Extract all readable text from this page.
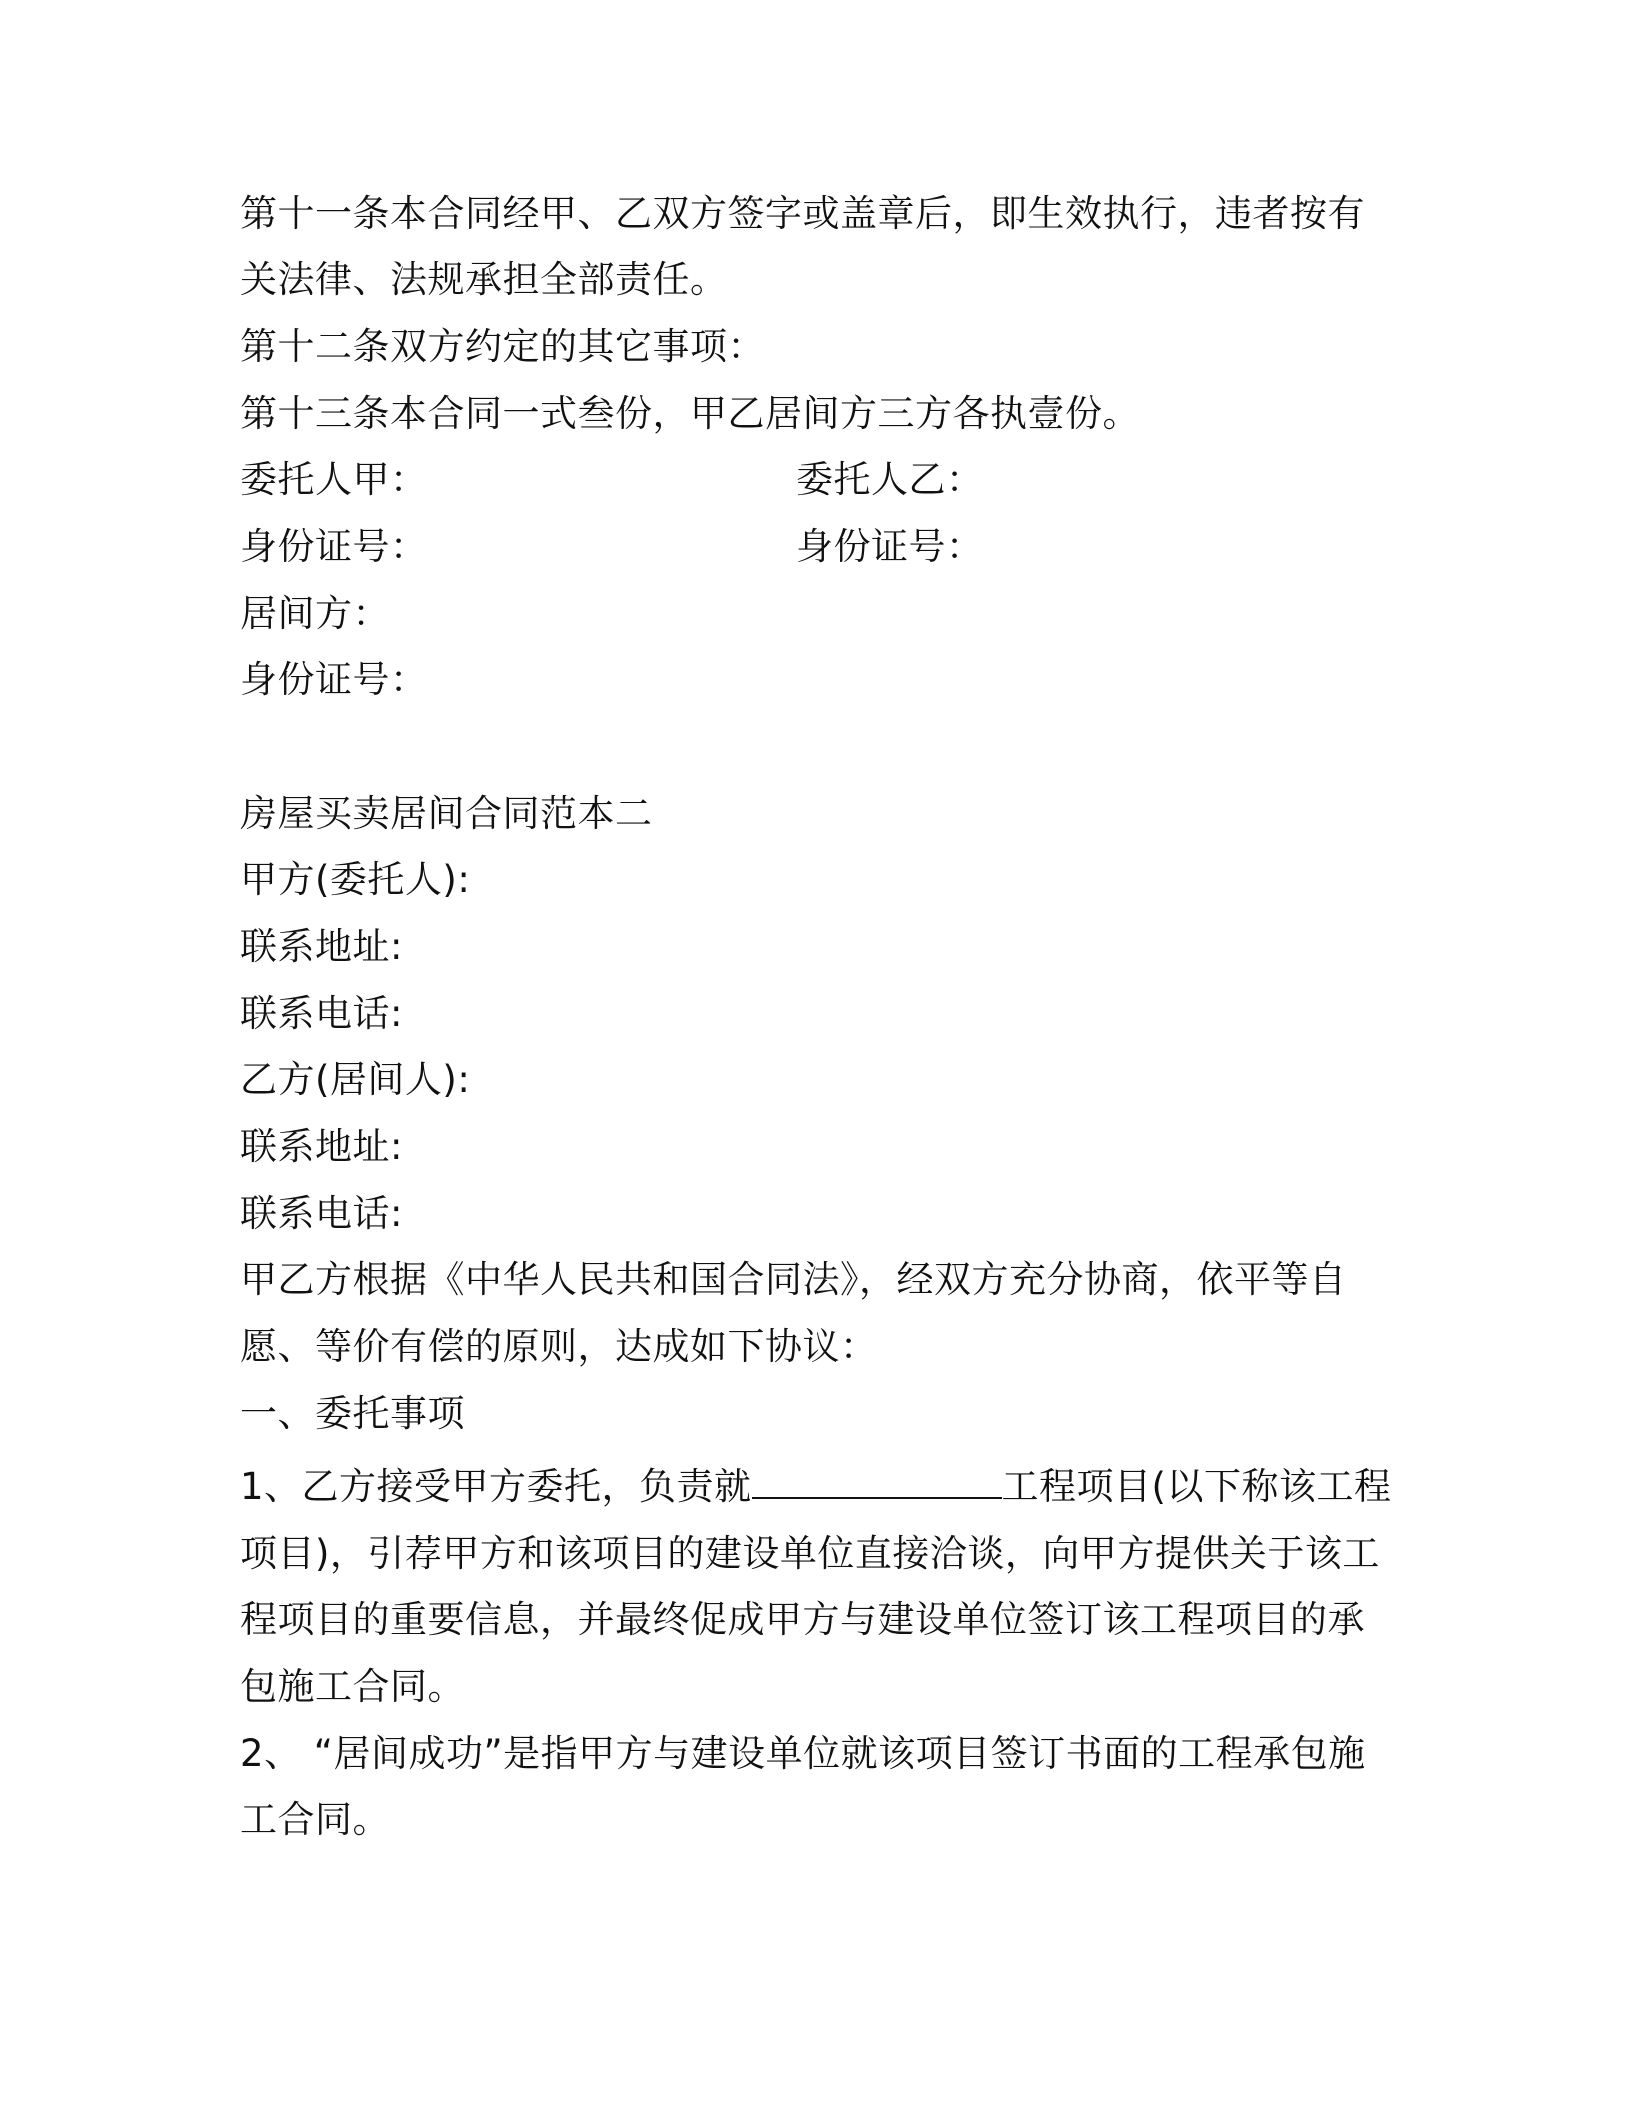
第十一条本合同经甲、乙双方签字或盖章后，即生效执行，违者按有

关法律、法规承担全部责任。

第十二条双方约定的其它事项：

第十三条本合同一式叁份，甲乙居间方三方各执壹份。

委托人甲：	委托人乙：

身份证号：	身份证号：

居间方：

身份证号：

房屋买卖居间合同范本二

甲方(委托人):

联系地址:

联系电话:

乙方(居间人):

联系地址:

联系电话:

甲乙方根据《中华人民共和国合同法》，经双方充分协商，依平等自

愿、等价有偿的原则，达成如下协议：

一、委托事项

1、乙方接受甲方委托，负责就	工程项目(以下称该工程

项目)，引荐甲方和该项目的建设单位直接洽谈，向甲方提供关于该工

程项目的重要信息，并最终促成甲方与建设单位签订该工程项目的承

包施工合同。

2、 “居间成功”是指甲方与建设单位就该项目签订书面的工程承包施

工合同。
